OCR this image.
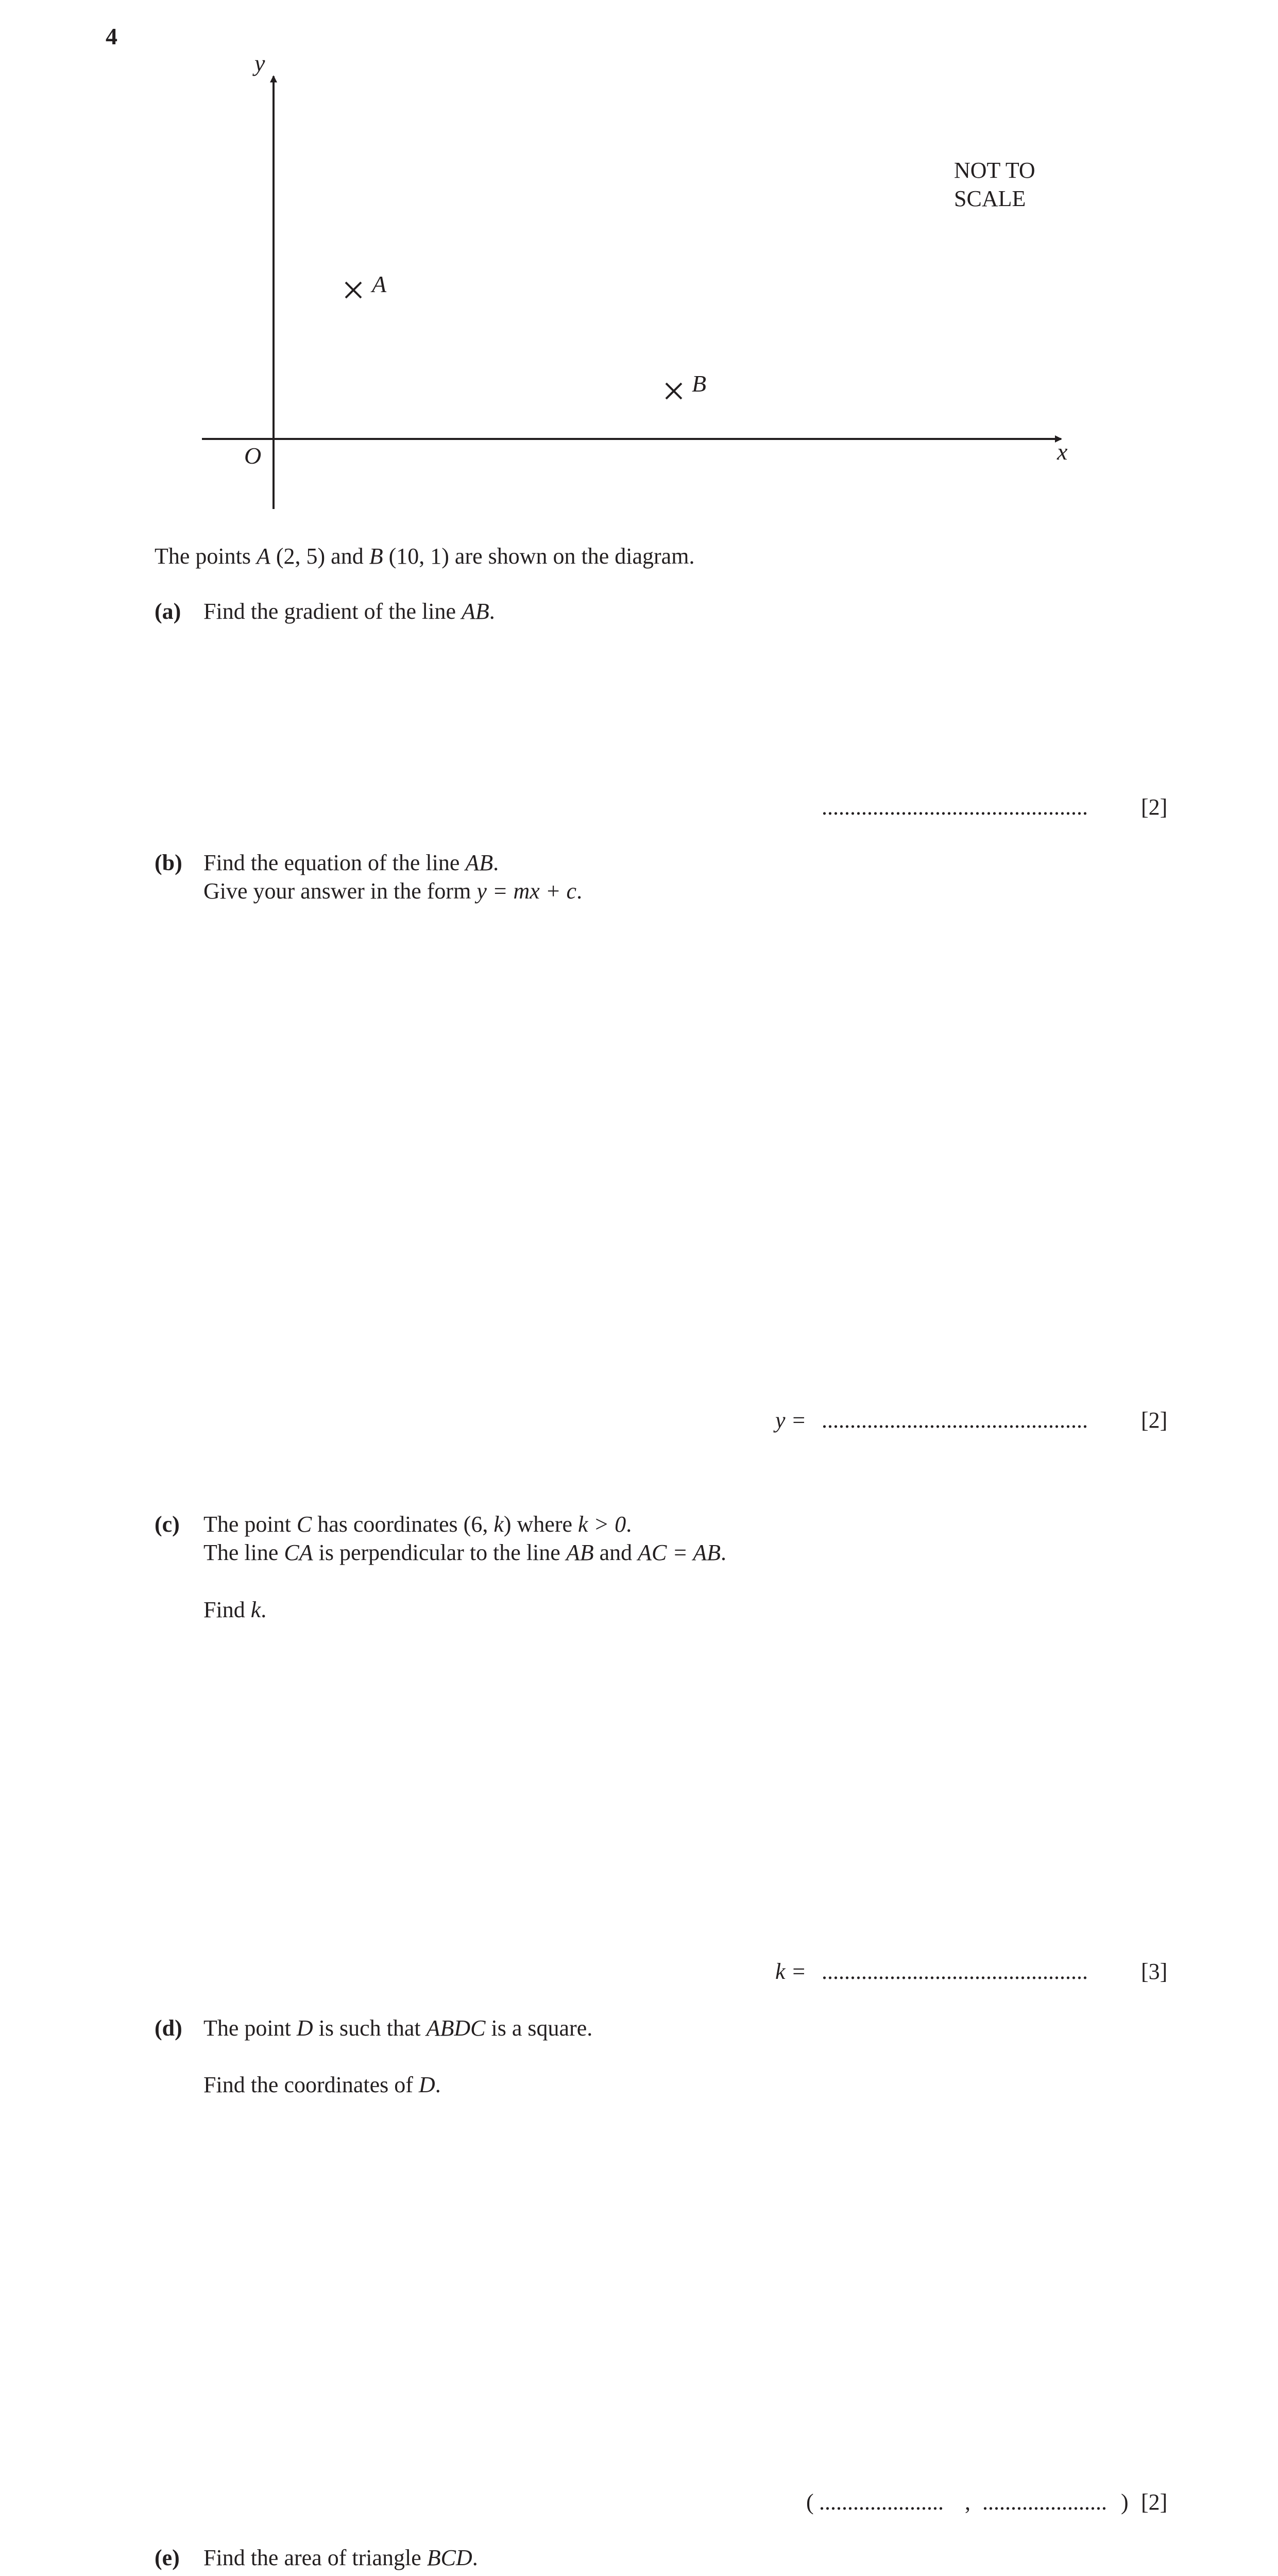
4
y
x
O
A
B
NOT TO
SCALE
The points A (2, 5) and B (10, 1) are shown on the diagram.
(a) Find the gradient of the line AB.
............................................... [2]
(b) Find the equation of the line AB.
Give your answer in the form y = mx + c.
y = ............................................... [2]
(c) The point C has coordinates (6, k) where k > 0.
The line CA is perpendicular to the line AB and AC = AB.
Find k.
k = ............................................... [3]
(d) The point D is such that ABDC is a square.
Find the coordinates of D.
( ...................... , ...................... ) [2]
(e) Find the area of triangle BCD.
